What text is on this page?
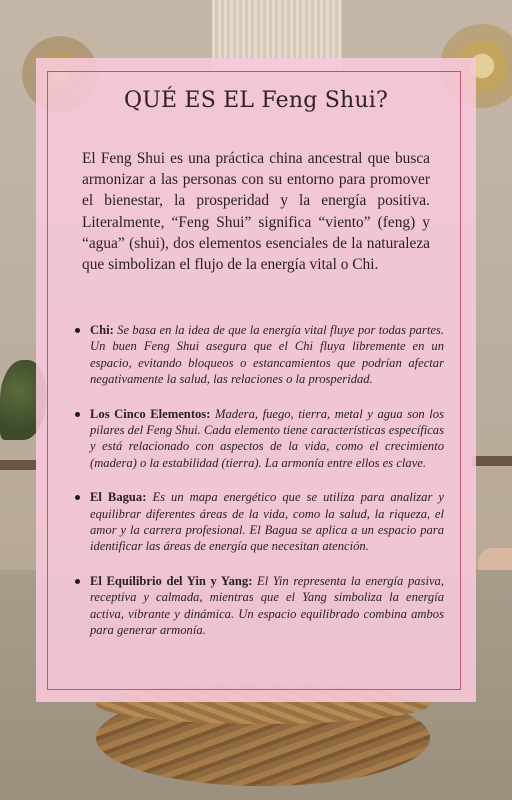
QUÉ ES EL Feng Shui?

El Feng Shui es una práctica china ancestral que busca armonizar a las personas con su entorno para promover el bienestar, la prosperidad y la energía positiva. Literalmente, “Feng Shui” significa “viento” (feng) y “agua” (shui), dos elementos esenciales de la naturaleza que simbolizan el flujo de la energía vital o Chi.

Chi: Se basa en la idea de que la energía vital fluye por todas partes. Un buen Feng Shui asegura que el Chi fluya libremente en un espacio, evitando bloqueos o estancamientos que podrían afectar negativamente la salud, las relaciones o la prosperidad.
Los Cinco Elementos: Madera, fuego, tierra, metal y agua son los pilares del Feng Shui. Cada elemento tiene características específicas y está relacionado con aspectos de la vida, como el crecimiento (madera) o la estabilidad (tierra). La armonía entre ellos es clave.
El Bagua: Es un mapa energético que se utiliza para analizar y equilibrar diferentes áreas de la vida, como la salud, la riqueza, el amor y la carrera profesional. El Bagua se aplica a un espacio para identificar las áreas de energía que necesitan atención.
El Equilibrio del Yin y Yang: El Yin representa la energía pasiva, receptiva y calmada, mientras que el Yang simboliza la energía activa, vibrante y dinámica. Un espacio equilibrado combina ambos para generar armonía.
